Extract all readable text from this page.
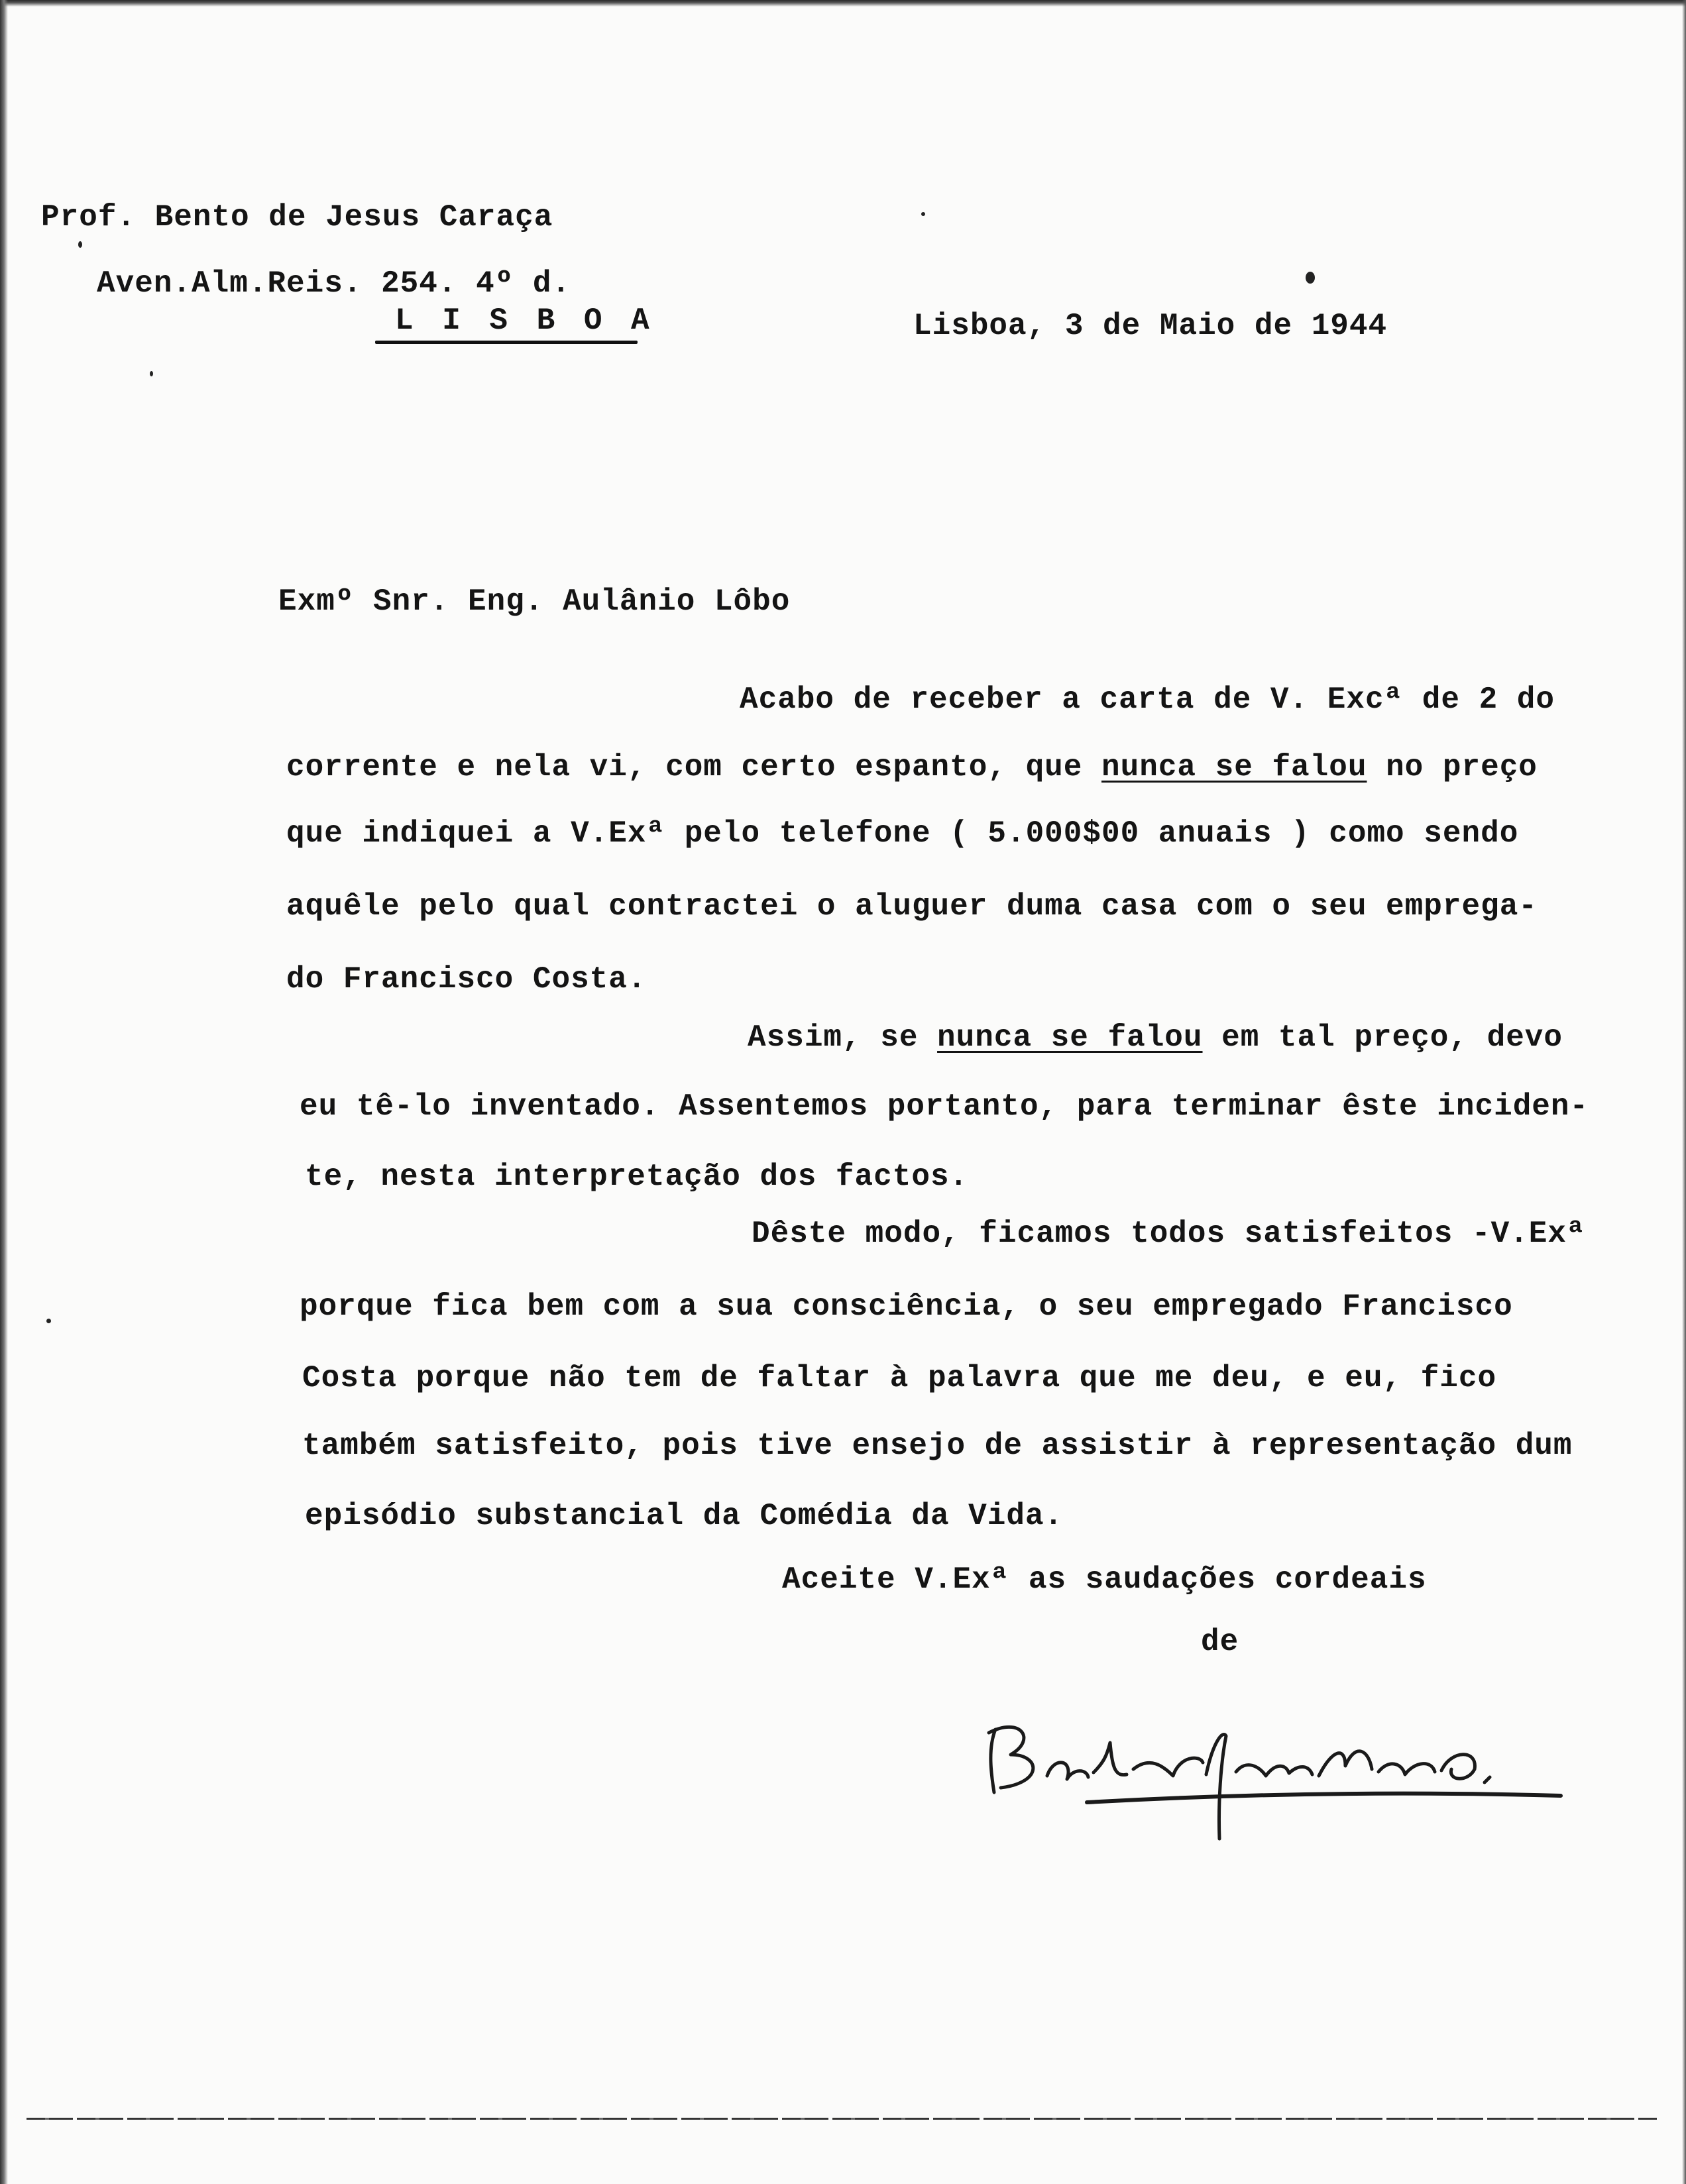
Prof. Bento de Jesus Caraça
Aven.Alm.Reis. 254. 4º d.
L I S B O A	Lisboa, 3 de Maio de 1944
Exmº Snr. Eng. Aulânio Lôbo
Acabo de receber a carta de V. Excª de 2 do
corrente e nela vi, com certo espanto, que nunca se falou no preço
que indiquei a V.Exª pelo telefone ( 5.000$00 anuais ) como sendo
aquêle pelo qual contractei o aluguer duma casa com o seu emprega-
do Francisco Costa.
Assim, se nunca se falou em tal preço, devo
eu tê-lo inventado. Assentemos portanto, para terminar êste inciden-
te, nesta interpretação dos factos.
Dêste modo, ficamos todos satisfeitos -V.Exª
porque fica bem com a sua consciência, o seu empregado Francisco
Costa porque não tem de faltar à palavra que me deu, e eu, fico
também satisfeito, pois tive ensejo de assistir à representação dum
episódio substancial da Comédia da Vida.
Aceite V.Exª as saudações cordeais
de
